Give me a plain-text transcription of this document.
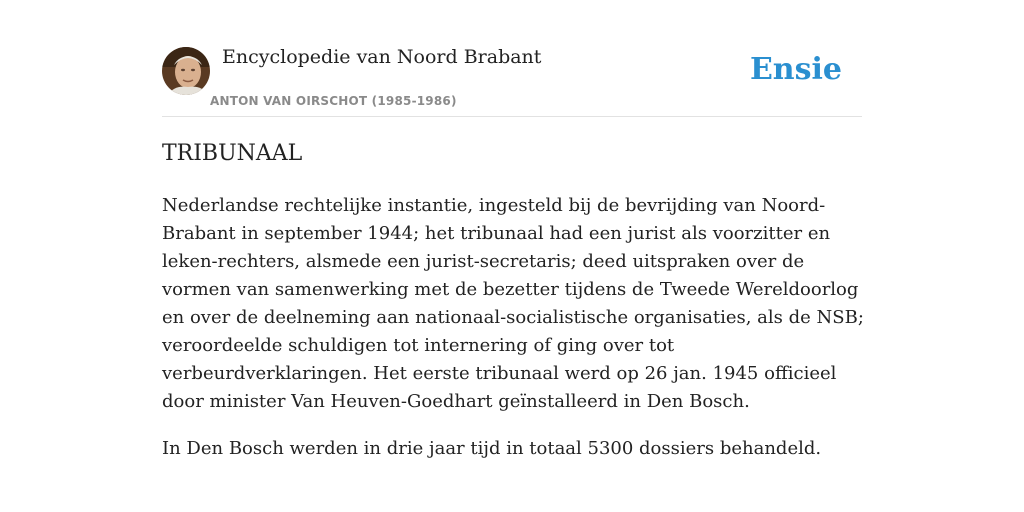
Encyclopedie van Noord Brabant
ANTON VAN OIRSCHOT (1985-1986)
Ensie
TRIBUNAAL

Nederlandse rechtelijke instantie, ingesteld bij de bevrijding van Noord-Brabant in september 1944; het tribunaal had een jurist als voorzitter en leken-rechters, alsmede een jurist-secretaris; deed uitspraken over de vormen van samenwerking met de bezetter tijdens de Tweede Wereldoorlog en over de deelneming aan nationaal-socialistische organisaties, als de NSB; veroordeelde schuldigen tot internering of ging over tot verbeurdverklaringen. Het eerste tribunaal werd op 26 jan. 1945 officieel door minister Van Heuven-Goedhart geïnstalleerd in Den Bosch.

In Den Bosch werden in drie jaar tijd in totaal 5300 dossiers behandeld.
